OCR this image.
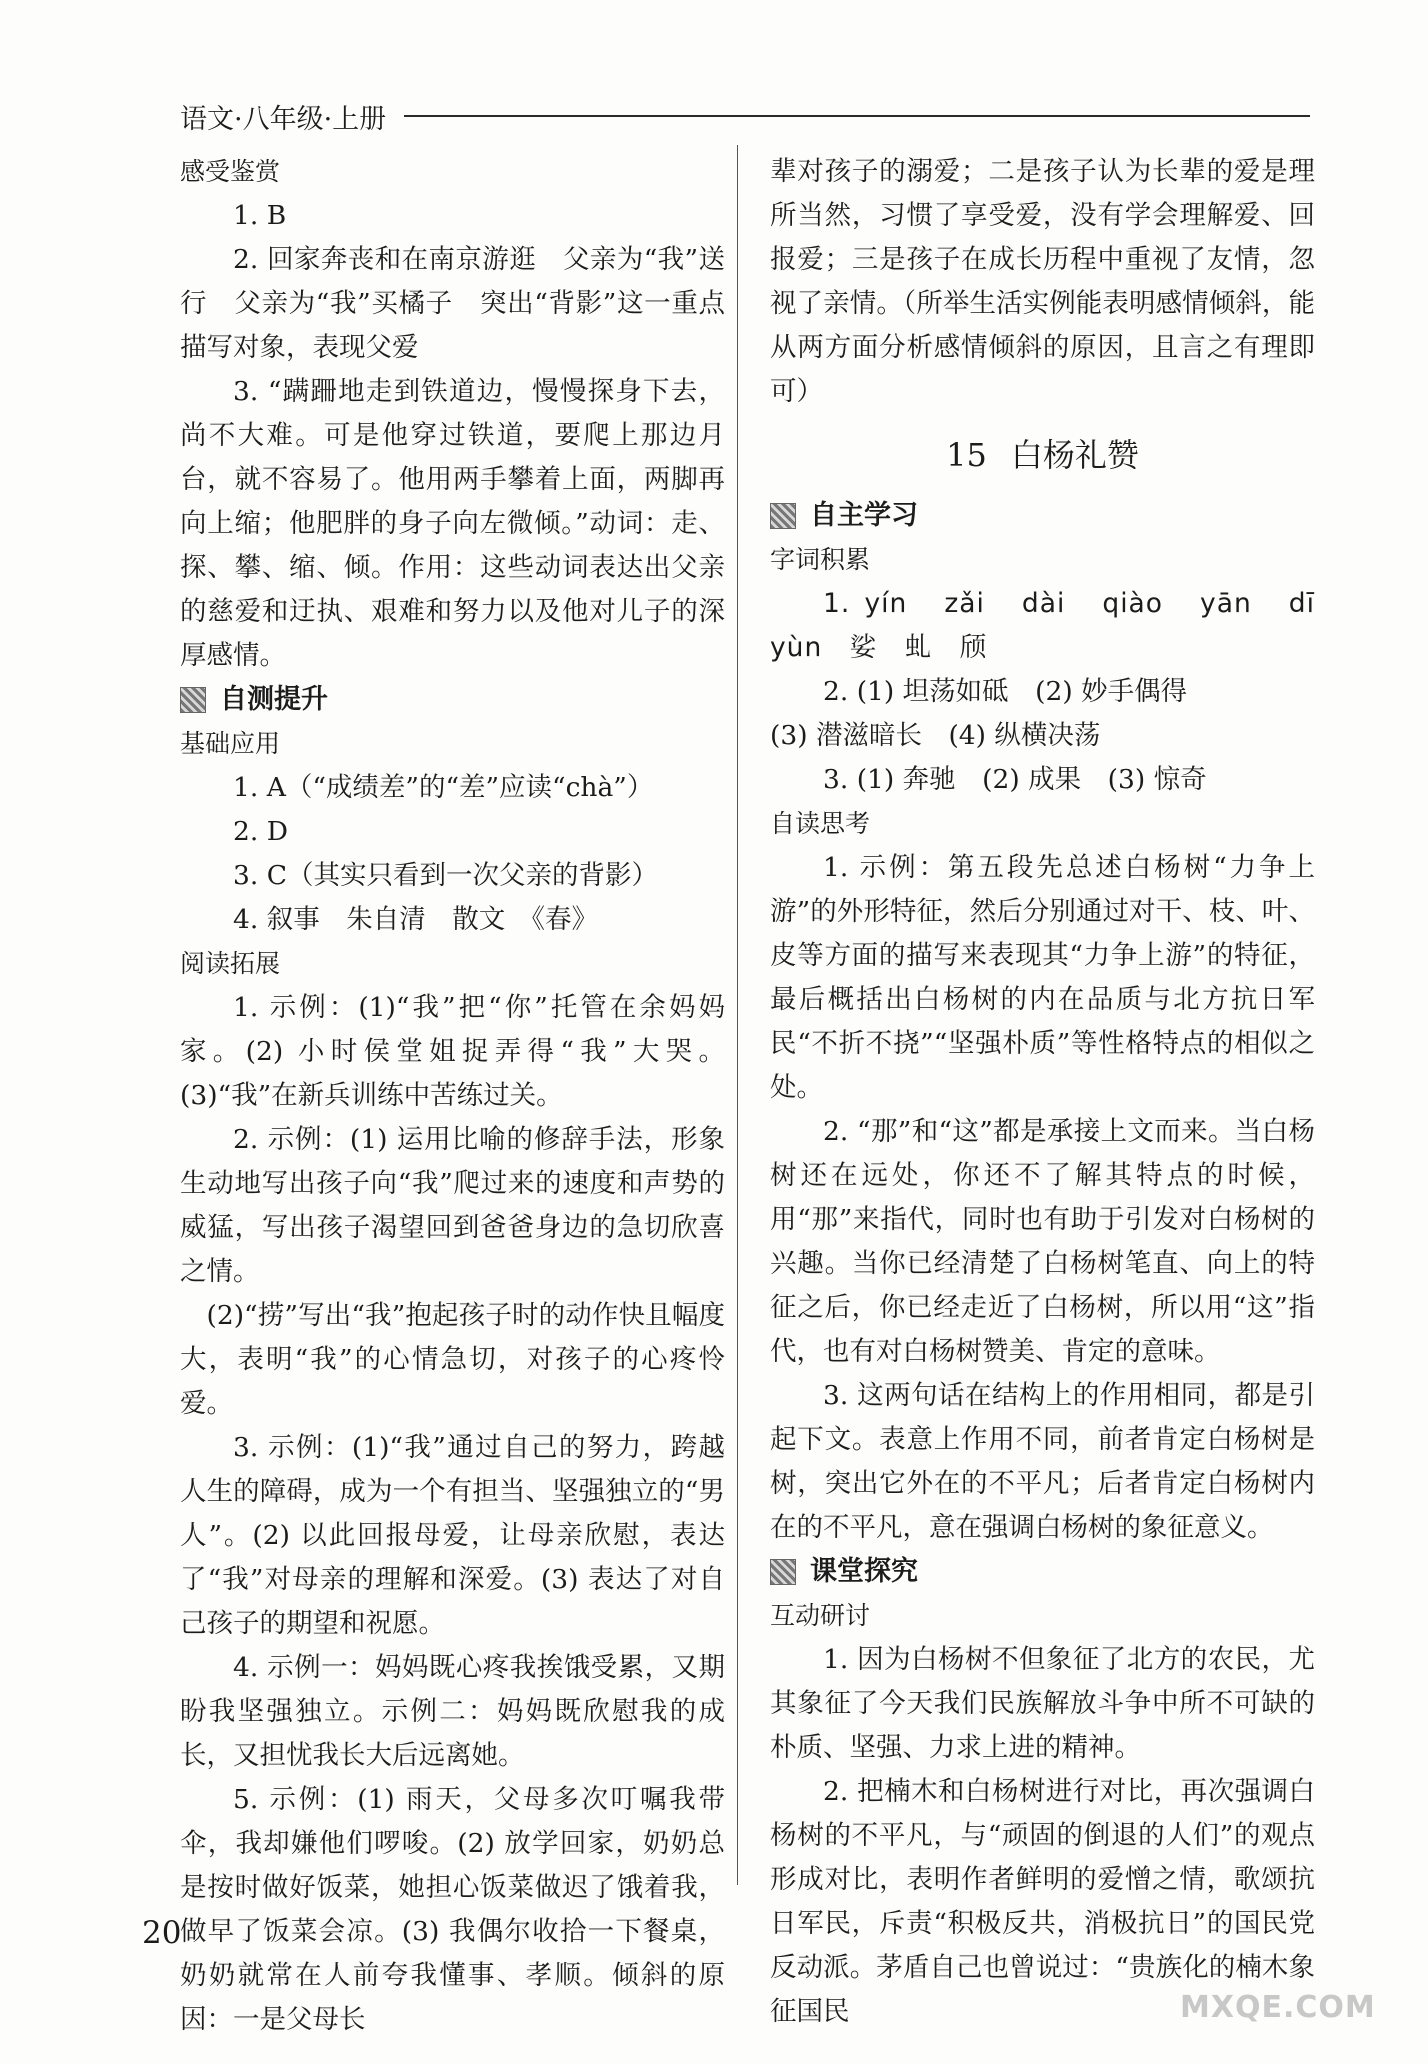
语文·八年级·上册

感受鉴赏

1. B

2. 回家奔丧和在南京游逛　父亲为“我”送行　父亲为“我”买橘子　突出“背影”这一重点描写对象，表现父爱

3. “蹒跚地走到铁道边，慢慢探身下去，尚不大难。可是他穿过铁道，要爬上那边月台，就不容易了。他用两手攀着上面，两脚再向上缩；他肥胖的身子向左微倾。”动词：走、探、攀、缩、倾。作用：这些动词表达出父亲的慈爱和迂执、艰难和努力以及他对儿子的深厚感情。

自测提升

基础应用

1. A（“成绩差”的“差”应读“chà”）

2. D

3. C（其实只看到一次父亲的背影）

4. 叙事　朱自清　散文　《春》

阅读拓展

1. 示例：(1)“我”把“你”托管在余妈妈家。(2) 小时侯堂姐捉弄得“我”大哭。(3)“我”在新兵训练中苦练过关。

2. 示例：(1) 运用比喻的修辞手法，形象生动地写出孩子向“我”爬过来的速度和声势的威猛，写出孩子渴望回到爸爸身边的急切欣喜之情。

(2)“捞”写出“我”抱起孩子时的动作快且幅度大，表明“我”的心情急切，对孩子的心疼怜爱。

3. 示例：(1)“我”通过自己的努力，跨越人生的障碍，成为一个有担当、坚强独立的“男人”。(2) 以此回报母爱，让母亲欣慰，表达了“我”对母亲的理解和深爱。(3) 表达了对自己孩子的期望和祝愿。

4. 示例一：妈妈既心疼我挨饿受累，又期盼我坚强独立。示例二：妈妈既欣慰我的成长，又担忧我长大后远离她。

5. 示例：(1) 雨天，父母多次叮嘱我带伞，我却嫌他们啰唆。(2) 放学回家，奶奶总是按时做好饭菜，她担心饭菜做迟了饿着我，做早了饭菜会凉。(3) 我偶尔收拾一下餐桌，奶奶就常在人前夸我懂事、孝顺。倾斜的原因：一是父母长

辈对孩子的溺爱；二是孩子认为长辈的爱是理所当然，习惯了享受爱，没有学会理解爱、回报爱；三是孩子在成长历程中重视了友情，忽视了亲情。（所举生活实例能表明感情倾斜，能从两方面分析感情倾斜的原因，且言之有理即可）

15 白杨礼赞
自主学习

字词积累

1. yín　zǎi　dài　qiào　yān　dī　yùn　娑　虬　颀

2. (1) 坦荡如砥　(2) 妙手偶得

(3) 潜滋暗长　(4) 纵横决荡

3. (1) 奔驰　(2) 成果　(3) 惊奇

自读思考

1. 示例：第五段先总述白杨树“力争上游”的外形特征，然后分别通过对干、枝、叶、皮等方面的描写来表现其“力争上游”的特征，最后概括出白杨树的内在品质与北方抗日军民“不折不挠”“坚强朴质”等性格特点的相似之处。

2. “那”和“这”都是承接上文而来。当白杨树还在远处，你还不了解其特点的时候，用“那”来指代，同时也有助于引发对白杨树的兴趣。当你已经清楚了白杨树笔直、向上的特征之后，你已经走近了白杨树，所以用“这”指代，也有对白杨树赞美、肯定的意味。

3. 这两句话在结构上的作用相同，都是引起下文。表意上作用不同，前者肯定白杨树是树，突出它外在的不平凡；后者肯定白杨树内在的不平凡，意在强调白杨树的象征意义。

课堂探究

互动研讨

1. 因为白杨树不但象征了北方的农民，尤其象征了今天我们民族解放斗争中所不可缺的朴质、坚强、力求上进的精神。

2. 把楠木和白杨树进行对比，再次强调白杨树的不平凡，与“顽固的倒退的人们”的观点形成对比，表明作者鲜明的爱憎之情，歌颂抗日军民，斥责“积极反共，消极抗日”的国民党反动派。茅盾自己也曾说过：“贵族化的楠木象征国民

20
MXQE.COM
